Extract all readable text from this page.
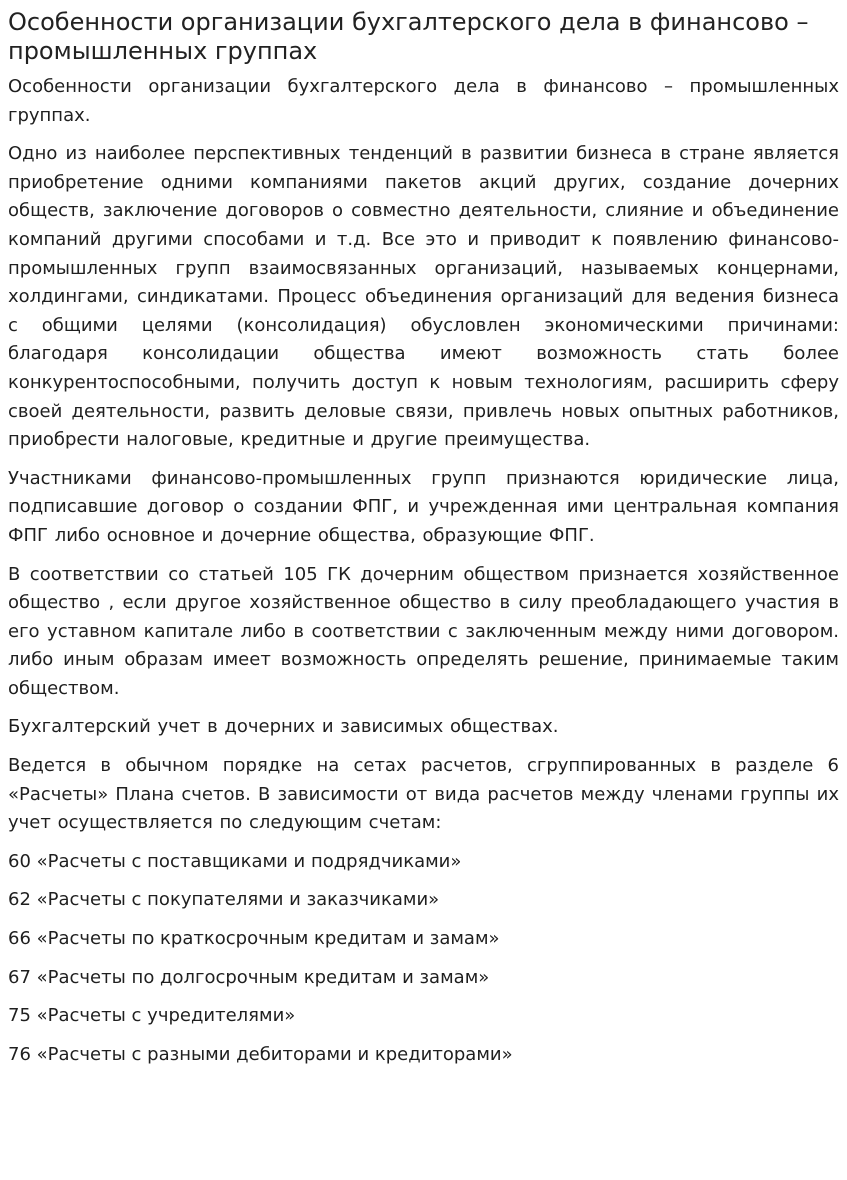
Особенности организации бухгалтерского дела в финансово – промышленных группах

Особенности организации бухгалтерского дела в финансово – промышленных группах.

Одно из наиболее перспективных тенденций в развитии бизнеса в стране является приобретение одними компаниями пакетов акций других, создание дочерних обществ, заключение договоров о совместно деятельности, слияние и объединение компаний другими способами и т.д. Все это и приводит к появлению финансово-промышленных групп взаимосвязанных организаций, называемых концернами, холдингами, синдикатами. Процесс объединения организаций для ведения бизнеса с общими целями (консолидация) обусловлен экономическими причинами: благодаря консолидации общества имеют возможность стать более конкурентоспособными, получить доступ к новым технологиям, расширить сферу своей деятельности, развить деловые связи, привлечь новых опытных работников, приобрести налоговые, кредитные и другие преимущества.

Участниками финансово-промышленных групп признаются юридические лица, подписавшие договор о создании ФПГ, и учрежденная ими центральная компания ФПГ либо основное и дочерние общества, образующие ФПГ.

В соответствии со статьей 105 ГК дочерним обществом признается хозяйственное общество , если другое хозяйственное общество в силу преобладающего участия в его уставном капитале либо в соответствии с заключенным между ними договором. либо иным образам имеет возможность определять решение, принимаемые таким обществом.

Бухгалтерский учет в дочерних и зависимых обществах.

Ведется в обычном порядке на сетах расчетов, сгруппированных в разделе 6 «Расчеты» Плана счетов. В зависимости от вида расчетов между членами группы их учет осуществляется по следующим счетам:

60 «Расчеты с поставщиками и подрядчиками»
62 «Расчеты с покупателями и заказчиками»
66 «Расчеты по краткосрочным кредитам и замам»
67 «Расчеты по долгосрочным кредитам и замам»
75 «Расчеты с учредителями»
76 «Расчеты с разными дебиторами и кредиторами»
